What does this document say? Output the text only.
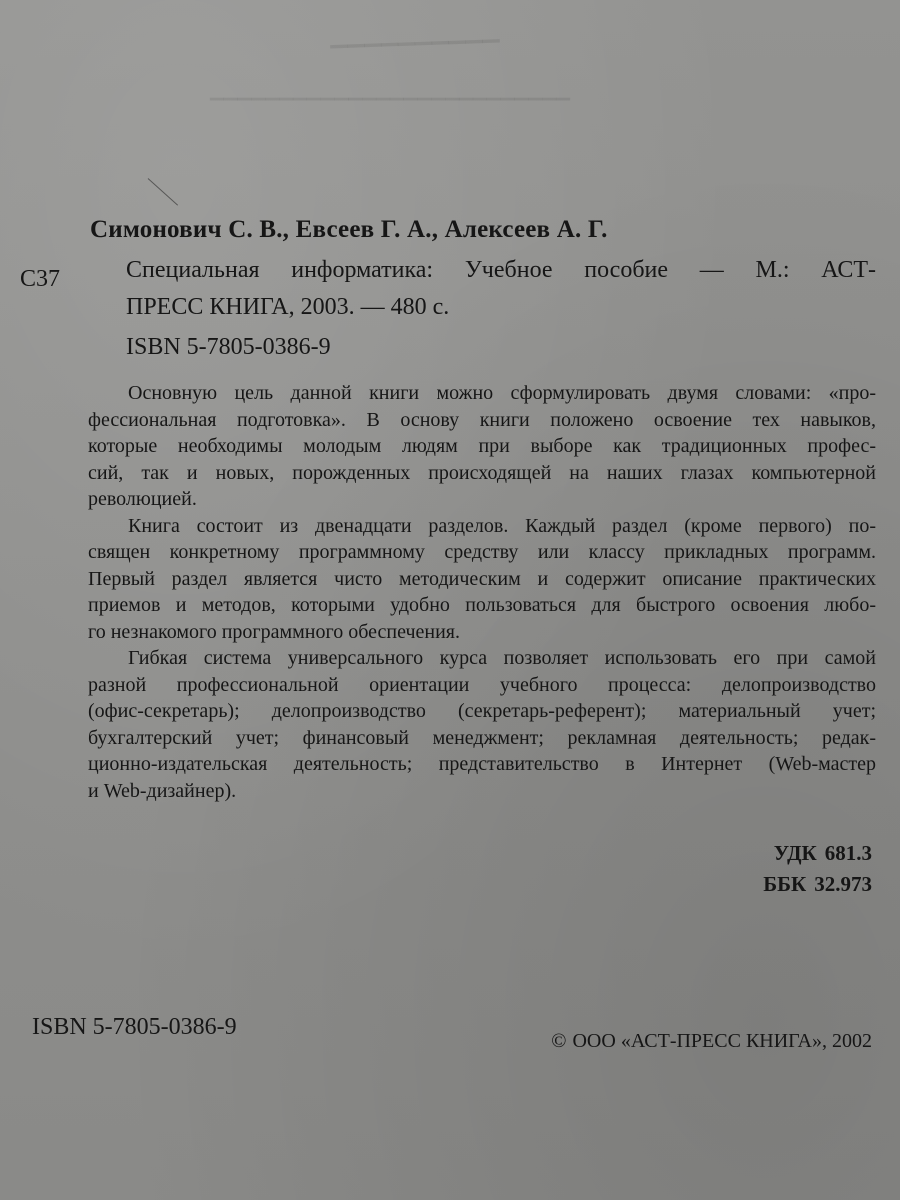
▁▁▁▁▁▁▁▁▁▁
▁▁▁▁▁▁▁▁▁▁▁▁▁▁▁▁▁▁▁▁▁▁▁▁▁▁
Симонович С. В., Евсеев Г. А., Алексеев А. Г.
С37	Специальная информатика: Учебное пособие — М.: АСТ-
ПРЕСС КНИГА, 2003. — 480 с.
ISBN 5-7805-0386-9

Основную цель данной книги можно сформулировать двумя словами: «про-
фессиональная подготовка». В основу книги положено освоение тех навыков,
которые необходимы молодым людям при выборе как традиционных профес-
сий, так и новых, порожденных происходящей на наших глазах компьютерной
революцией.

Книга состоит из двенадцати разделов. Каждый раздел (кроме первого) по-
священ конкретному программному средству или классу прикладных программ.
Первый раздел является чисто методическим и содержит описание практических
приемов и методов, которыми удобно пользоваться для быстрого освоения любо-
го незнакомого программного обеспечения.

Гибкая система универсального курса позволяет использовать его при самой
разной профессиональной ориентации учебного процесса: делопроизводство
(офис-секретарь); делопроизводство (секретарь-референт); материальный учет;
бухгалтерский учет; финансовый менеджмент; рекламная деятельность; редак-
ционно-издательская деятельность; представительство в Интернет (Web-мастер
и Web-дизайнер).

УДК 681.3
ББК 32.973
ISBN 5-7805-0386-9
© ООО «АСТ-ПРЕСС КНИГА», 2002
